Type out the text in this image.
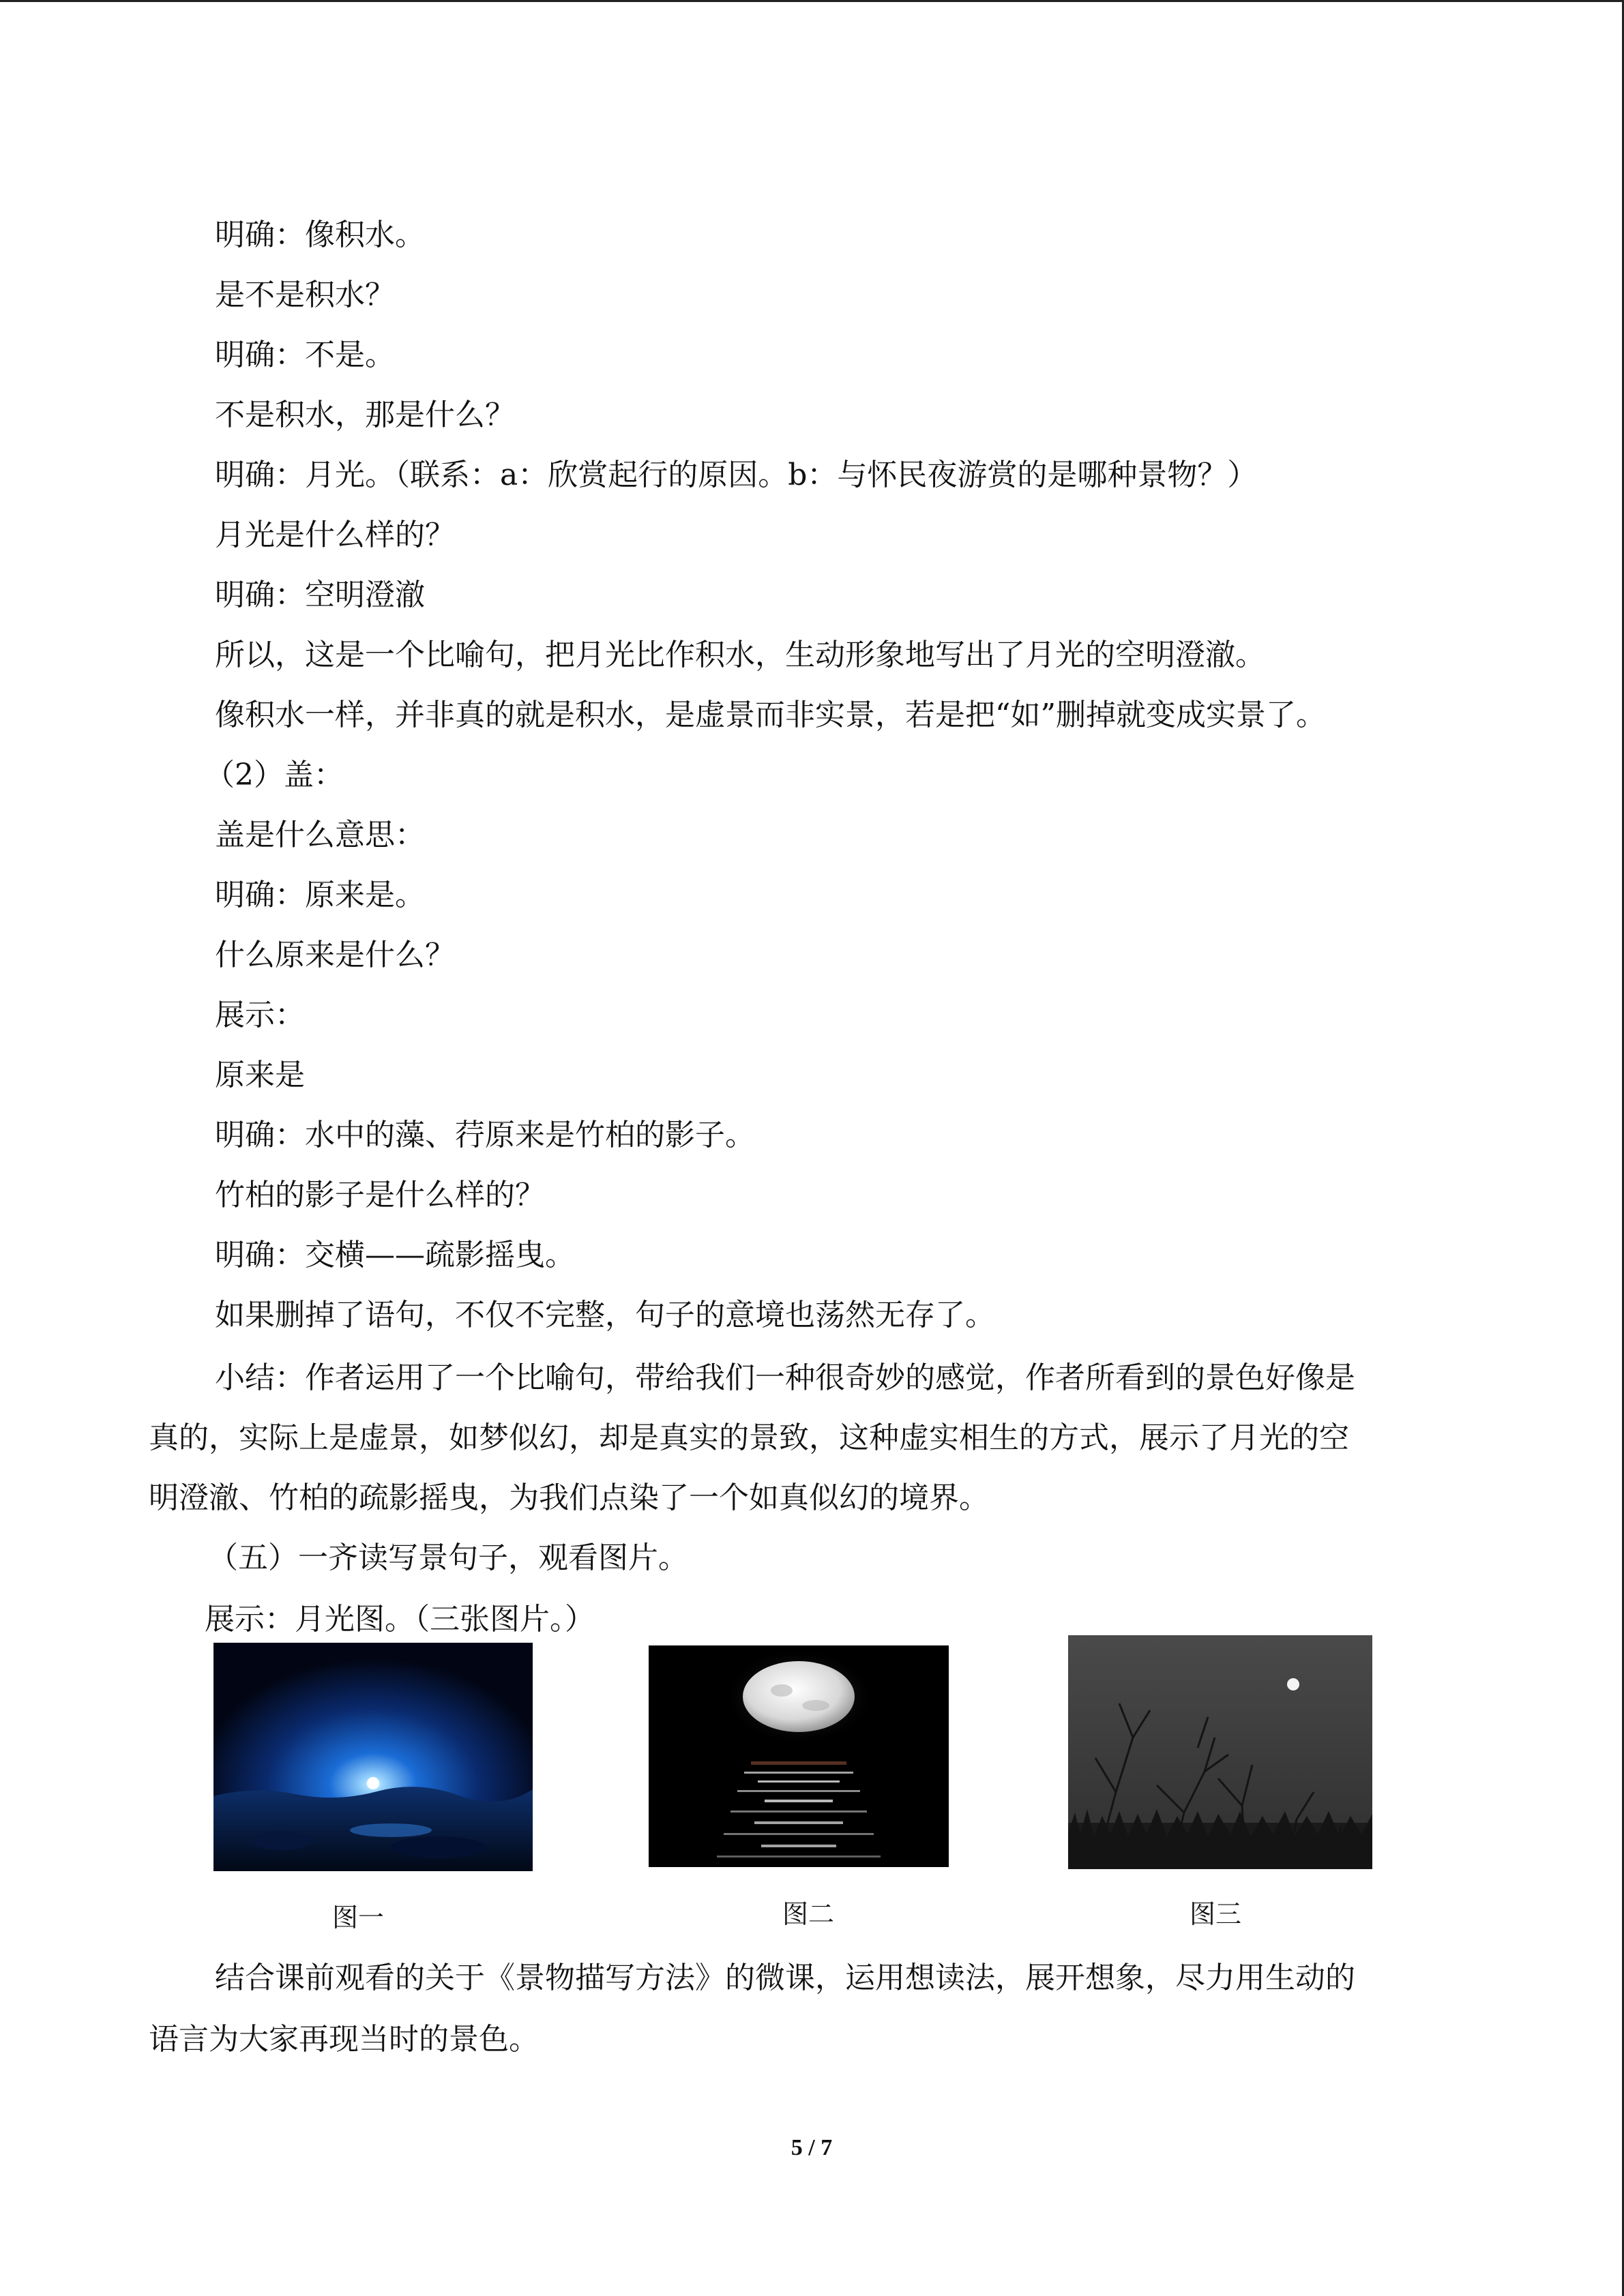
明确：像积水。
是不是积水？
明确：不是。
不是积水，那是什么？
明确：月光。（联系：a：欣赏起行的原因。b：与怀民夜游赏的是哪种景物？）
月光是什么样的？
明确：空明澄澈
所以，这是一个比喻句，把月光比作积水，生动形象地写出了月光的空明澄澈。
像积水一样，并非真的就是积水，是虚景而非实景，若是把“如”删掉就变成实景了。
（2）盖：
盖是什么意思：
明确：原来是。
什么原来是什么？
展示：
原来是
明确：水中的藻、荇原来是竹柏的影子。
竹柏的影子是什么样的？
明确：交横——疏影摇曳。
如果删掉了语句，不仅不完整，句子的意境也荡然无存了。
小结：作者运用了一个比喻句，带给我们一种很奇妙的感觉，作者所看到的景色好像是
真的，实际上是虚景，如梦似幻，却是真实的景致，这种虚实相生的方式，展示了月光的空
明澄澈、竹柏的疏影摇曳，为我们点染了一个如真似幻的境界。
（五）一齐读写景句子，观看图片。
展示：月光图。（三张图片。）
图一	图二	图三
结合课前观看的关于《景物描写方法》的微课，运用想读法，展开想象，尽力用生动的
语言为大家再现当时的景色。
5 / 7
